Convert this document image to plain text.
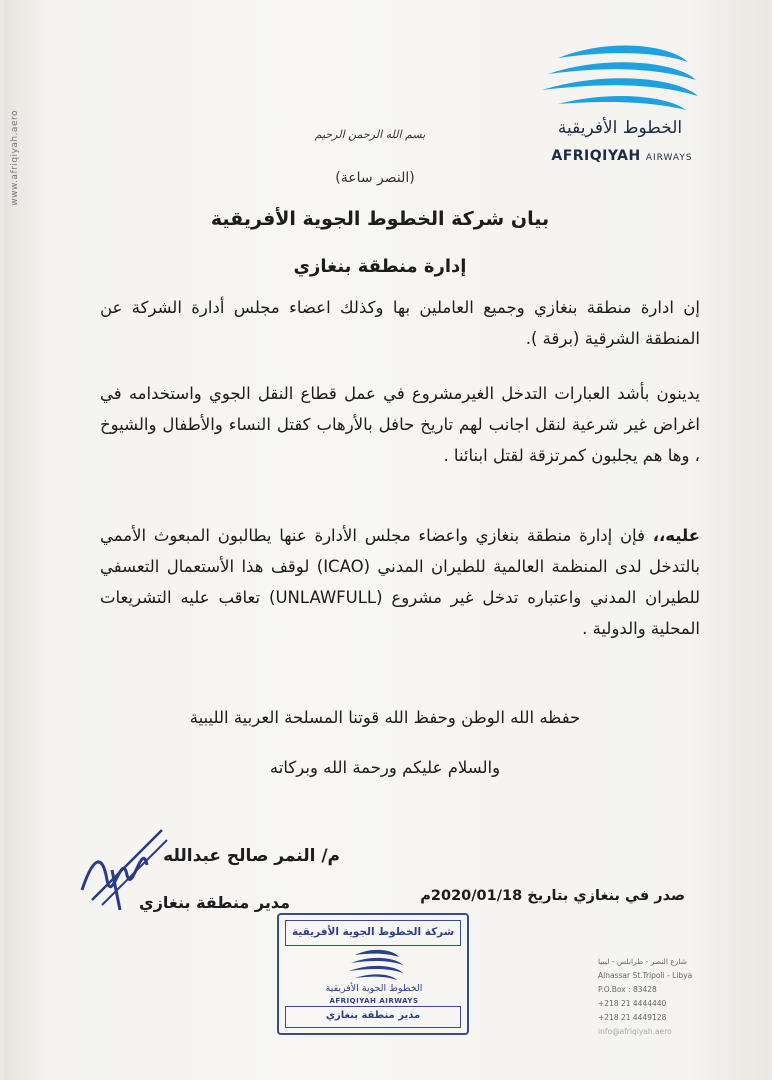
www.afriqiyah.aero	الخطوط الأفريقية
AFRIQIYAH AIRWAYS
بسم الله الرحمن الرحيم
(النصر ساعة)
بيان شركة الخطوط الجوية الأفريقية
إدارة منطقة بنغازي
إن ادارة منطقة بنغازي وجميع العاملين بها وكذلك اعضاء مجلس أدارة الشركة عن المنطقة الشرقية (برقة ).
يدينون بأشد العبارات التدخل الغيرمشروع في عمل قطاع النقل الجوي واستخدامه في اغراض غير شرعية لنقل اجانب لهم تاريخ حافل بالأرهاب كقتل النساء والأطفال والشيوخ ، وها هم يجلبون كمرتزقة لقتل ابنائنا .
عليه،، فإن إدارة منطقة بنغازي واعضاء مجلس الأدارة عنها يطالبون المبعوث الأممي بالتدخل لدى المنظمة العالمية للطيران المدني (ICAO) لوقف هذا الأستعمال التعسفي للطيران المدني واعتباره تدخل غير مشروع (UNLAWFULL) تعاقب عليه التشريعات المحلية والدولية .
حفظه الله الوطن وحفظ الله قوتنا المسلحة العربية الليبية
والسلام عليكم ورحمة الله وبركاته
م/ النمر صالح عبدالله
مدير منطقة بنغازي	صدر في بنغازي بتاريخ 2020/01/18م
شركة الخطوط الجوية الأفريقية
الخطوط الجوية الأفريقية
AFRIQIYAH AIRWAYS
مدير منطقة بنغازي
شارع النصر - طرابلس - ليبيا
Alnassar St.Tripoli - Libya
P.O.Box : 83428
+218 21 4444440
+218 21 4449128
info@afriqiyah.aero
